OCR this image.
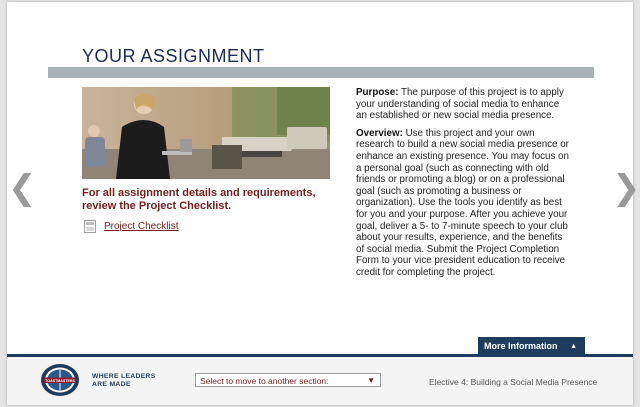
❮	❯
YOUR ASSIGNMENT
For all assignment details and requirements, review the Project Checklist.
Project Checklist

Purpose: The purpose of this project is to apply your understanding of social media to enhance an established or new social media presence.

Overview: Use this project and your own research to build a new social media presence or enhance an existing presence. You may focus on a personal goal (such as connecting with old friends or promoting a blog) or on a professional goal (such as promoting a business or organization). Use the tools you identify as best for you and your purpose. After you achieve your goal, deliver a 5- to 7-minute speech to your club about your results, experience, and the benefits of social media. Submit the Project Completion Form to your vice president education to receive credit for completing the project.

More Information ▲
TOASTMASTERS
WHERE LEADERS
ARE MADE	Select to move to another section:	▼	Elective 4: Building a Social Media Presence
